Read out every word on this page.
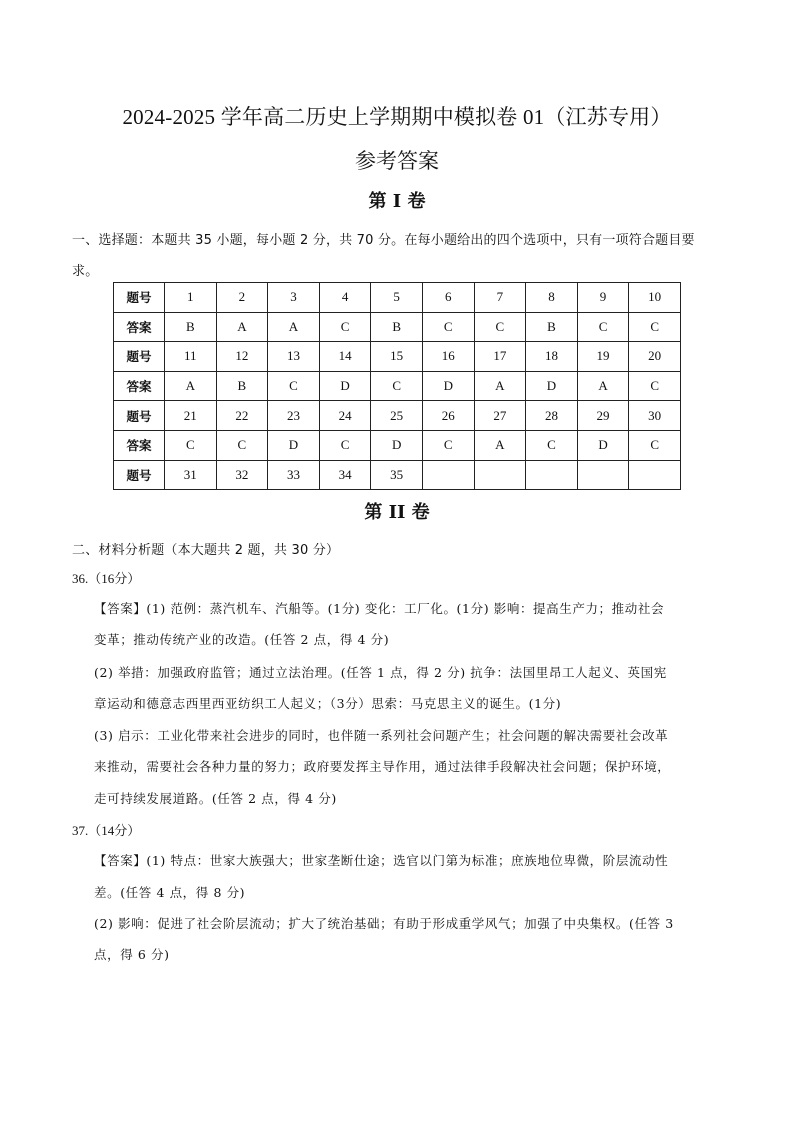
2024-2025 学年高二历史上学期期中模拟卷 01（江苏专用）
参考答案
第 I 卷
一、选择题：本题共 35 小题，每小题 2 分，共 70 分。在每小题给出的四个选项中，只有一项符合题目要
求。
题号	1	2	3	4	5	6	7	8	9	10
答案	B	A	A	C	B	C	C	B	C	C
题号	11	12	13	14	15	16	17	18	19	20
答案	A	B	C	D	C	D	A	D	A	C
题号	21	22	23	24	25	26	27	28	29	30
答案	C	C	D	C	D	C	A	C	D	C
题号	31	32	33	34	35					
第 II 卷
二、材料分析题（本大题共 2 题，共 30 分）
36.（16分）
【答案】(1) 范例：蒸汽机车、汽船等。(1分) 变化：工厂化。(1分) 影响：提高生产力；推动社会
变革；推动传统产业的改造。(任答 2 点，得 4 分)
(2) 举措：加强政府监管；通过立法治理。(任答 1 点，得 2 分) 抗争：法国里昂工人起义、英国宪
章运动和德意志西里西亚纺织工人起义；（3分）思索：马克思主义的诞生。(1分)
(3) 启示：工业化带来社会进步的同时，也伴随一系列社会问题产生；社会问题的解决需要社会改革
来推动，需要社会各种力量的努力；政府要发挥主导作用，通过法律手段解决社会问题；保护环境，
走可持续发展道路。(任答 2 点，得 4 分)
37.（14分）
【答案】(1) 特点：世家大族强大；世家垄断仕途；选官以门第为标准；庶族地位卑微，阶层流动性
差。(任答 4 点，得 8 分)
(2) 影响：促进了社会阶层流动；扩大了统治基础；有助于形成重学风气；加强了中央集权。(任答 3
点，得 6 分)
